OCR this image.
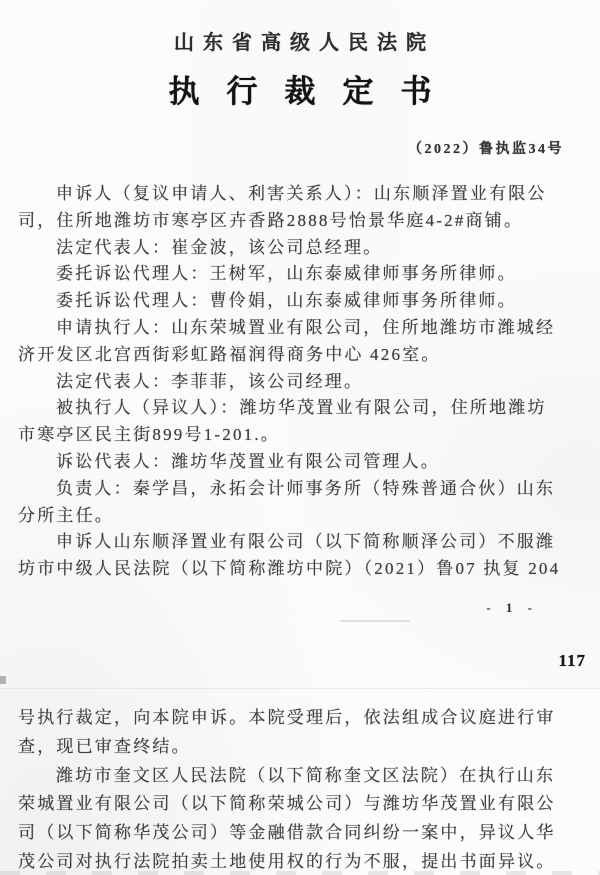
山东省高级人民法院
执行裁定书
（2022）鲁执监34号
申诉人（复议申请人、利害关系人）：山东顺泽置业有限公
司，住所地潍坊市寒亭区卉香路2888号怡景华庭4-2#商铺。
法定代表人：崔金波，该公司总经理。
委托诉讼代理人：王树军，山东泰威律师事务所律师。
委托诉讼代理人：曹伶娟，山东泰威律师事务所律师。
申请执行人：山东荣城置业有限公司，住所地潍坊市潍城经
济开发区北宫西街彩虹路福润得商务中心 426室。
法定代表人：李菲菲，该公司经理。
被执行人（异议人）：潍坊华茂置业有限公司，住所地潍坊
市寒亭区民主街899号1-201.。
诉讼代表人：潍坊华茂置业有限公司管理人。
负责人：秦学昌，永拓会计师事务所（特殊普通合伙）山东
分所主任。
申诉人山东顺泽置业有限公司（以下简称顺泽公司）不服潍
坊市中级人民法院（以下简称潍坊中院）（2021）鲁07 执复 204
- 1 -
117
号执行裁定，向本院申诉。本院受理后，依法组成合议庭进行审
查，现已审查终结。
潍坊市奎文区人民法院（以下简称奎文区法院）在执行山东
荣城置业有限公司（以下简称荣城公司）与潍坊华茂置业有限公
司（以下简称华茂公司）等金融借款合同纠纷一案中，异议人华
茂公司对执行法院拍卖土地使用权的行为不服，提出书面异议。
